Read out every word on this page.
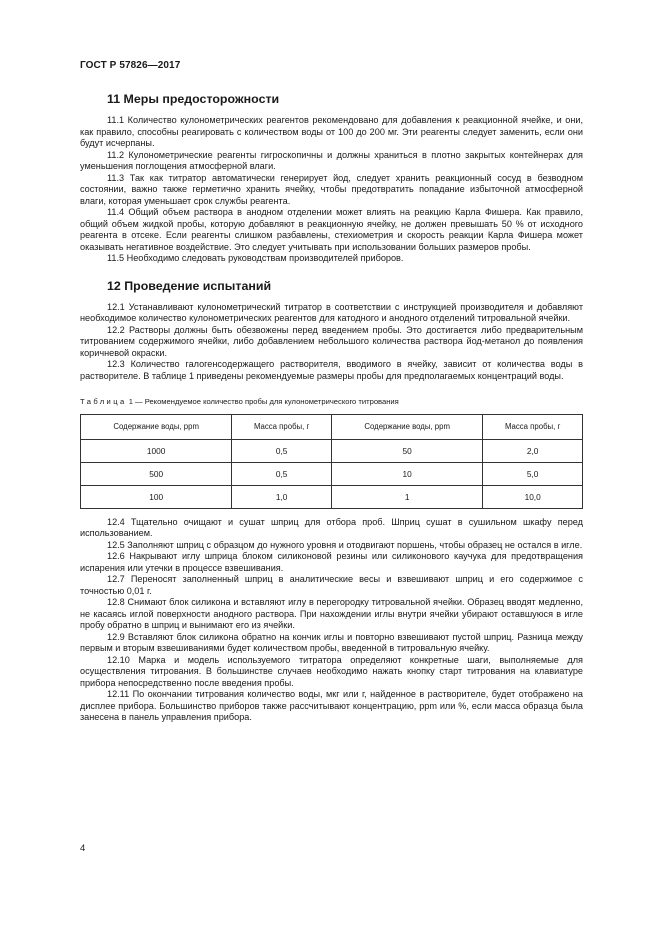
ГОСТ Р 57826—2017
11 Меры предосторожности

11.1 Количество кулонометрических реагентов рекомендовано для добавления к реакционной ячейке, и они, как правило, способны реагировать с количеством воды от 100 до 200 мг. Эти реагенты следует заменить, если они будут исчерпаны.

11.2 Кулонометрические реагенты гигроскопичны и должны храниться в плотно закрытых контейнерах для уменьшения поглощения атмосферной влаги.

11.3 Так как титратор автоматически генерирует йод, следует хранить реакционный сосуд в безводном состоянии, важно также герметично хранить ячейку, чтобы предотвратить попадание избыточной атмосферной влаги, которая уменьшает срок службы реагента.

11.4 Общий объем раствора в анодном отделении может влиять на реакцию Карла Фишера. Как правило, общий объем жидкой пробы, которую добавляют в реакционную ячейку, не должен превышать 50 % от исходного реагента в отсеке. Если реагенты слишком разбавлены, стехиометрия и скорость реакции Карла Фишера может оказывать негативное воздействие. Это следует учитывать при использовании больших размеров пробы.

11.5 Необходимо следовать руководствам производителей приборов.

12 Проведение испытаний

12.1 Устанавливают кулонометрический титратор в соответствии с инструкцией производителя и добавляют необходимое количество кулонометрических реагентов для катодного и анодного отделений титровальной ячейки.

12.2 Растворы должны быть обезвожены перед введением пробы. Это достигается либо предварительным титрованием содержимого ячейки, либо добавлением небольшого количества раствора йод-метанол до появления коричневой окраски.

12.3 Количество галогенсодержащего растворителя, вводимого в ячейку, зависит от количества воды в растворителе. В таблице 1 приведены рекомендуемые размеры пробы для предполагаемых концентраций воды.

Таблица 1 — Рекомендуемое количество пробы для кулонометрического титрования

Содержание воды, ppm	Масса пробы, г	Содержание воды, ppm	Масса пробы, г
1000	0,5	50	2,0
500	0,5	10	5,0
100	1,0	1	10,0

12.4 Тщательно очищают и сушат шприц для отбора проб. Шприц сушат в сушильном шкафу перед использованием.

12.5 Заполняют шприц с образцом до нужного уровня и отодвигают поршень, чтобы образец не остался в игле.

12.6 Накрывают иглу шприца блоком силиконовой резины или силиконового каучука для предотвращения испарения или утечки в процессе взвешивания.

12.7 Переносят заполненный шприц в аналитические весы и взвешивают шприц и его содержимое с точностью 0,01 г.

12.8 Снимают блок силикона и вставляют иглу в перегородку титровальной ячейки. Образец вводят медленно, не касаясь иглой поверхности анодного раствора. При нахождении иглы внутри ячейки убирают оставшуюся в игле пробу обратно в шприц и вынимают его из ячейки.

12.9 Вставляют блок силикона обратно на кончик иглы и повторно взвешивают пустой шприц. Разница между первым и вторым взвешиваниями будет количеством пробы, введенной в титровальную ячейку.

12.10 Марка и модель используемого титратора определяют конкретные шаги, выполняемые для осуществления титрования. В большинстве случаев необходимо нажать кнопку старт титрования на клавиатуре прибора непосредственно после введения пробы.

12.11 По окончании титрования количество воды, мкг или г, найденное в растворителе, будет отображено на дисплее прибора. Большинство приборов также рассчитывают концентрацию, ppm или %, если масса образца была занесена в панель управления прибора.

4
